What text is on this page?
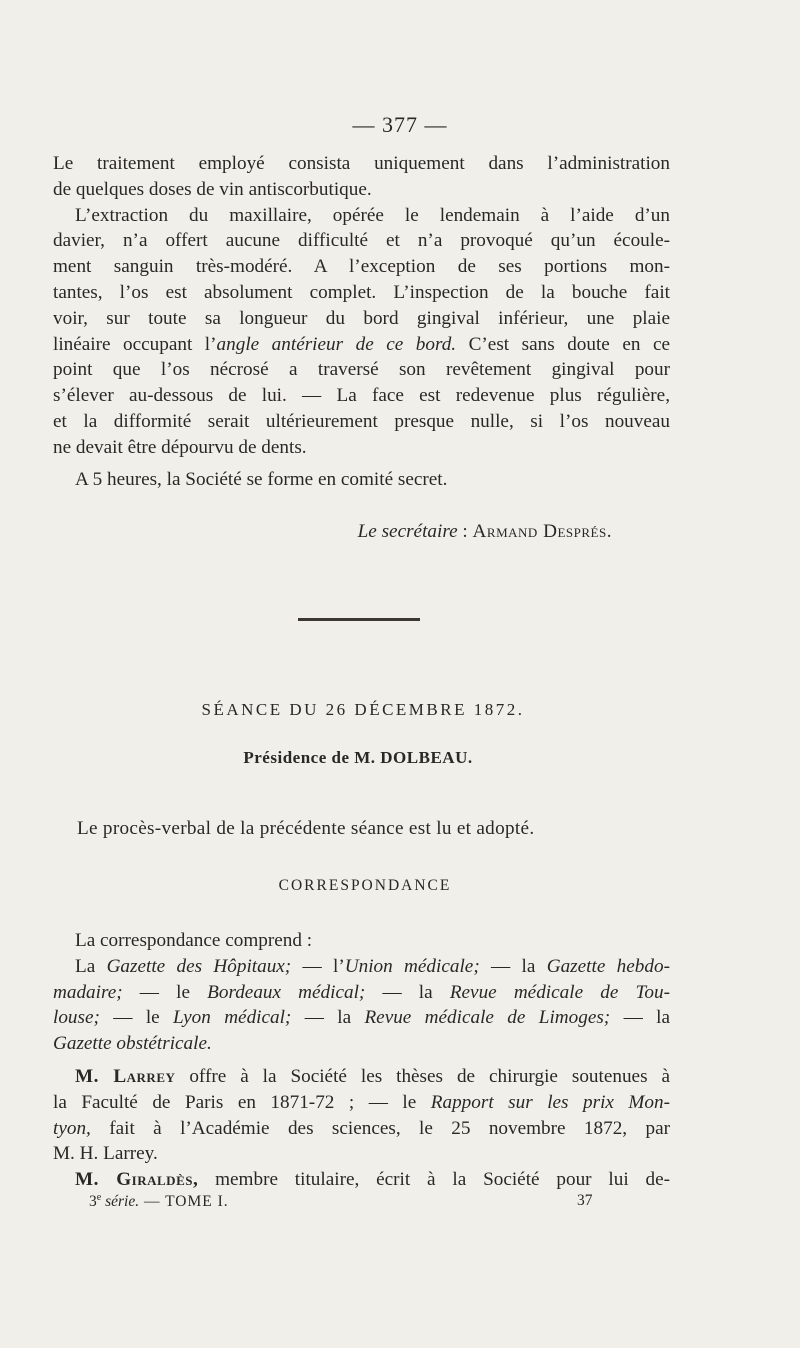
— 377 —

Le traitement employé consista uniquement dans l’administration

de quelques doses de vin antiscorbutique.

L’extraction du maxillaire, opérée le lendemain à l’aide d’un

davier, n’a offert aucune difficulté et n’a provoqué qu’un écoule-

ment sanguin très-modéré. A l’exception de ses portions mon-

tantes, l’os est absolument complet. L’inspection de la bouche fait

voir, sur toute sa longueur du bord gingival inférieur, une plaie

linéaire occupant l’angle antérieur de ce bord. C’est sans doute en ce

point que l’os nécrosé a traversé son revêtement gingival pour

s’élever au-dessous de lui. — La face est redevenue plus régulière,

et la difformité serait ultérieurement presque nulle, si l’os nouveau

ne devait être dépourvu de dents.

A 5 heures, la Société se forme en comité secret.

Le secrétaire : Armand Després.
SÉANCE DU 26 DÉCEMBRE 1872.
Présidence de M. DOLBEAU.
Le procès-verbal de la précédente séance est lu et adopté.
CORRESPONDANCE

La correspondance comprend :

La Gazette des Hôpitaux; — l’Union médicale; — la Gazette hebdo-

madaire; — le Bordeaux médical; — la Revue médicale de Tou-

louse; — le Lyon médical; — la Revue médicale de Limoges; — la

Gazette obstétricale.

M. Larrey offre à la Société les thèses de chirurgie soutenues à

la Faculté de Paris en 1871-72 ; — le Rapport sur les prix Mon-

tyon, fait à l’Académie des sciences, le 25 novembre 1872, par

M. H. Larrey.

M. Giraldès, membre titulaire, écrit à la Société pour lui de-

3e série. — TOME I.	37
